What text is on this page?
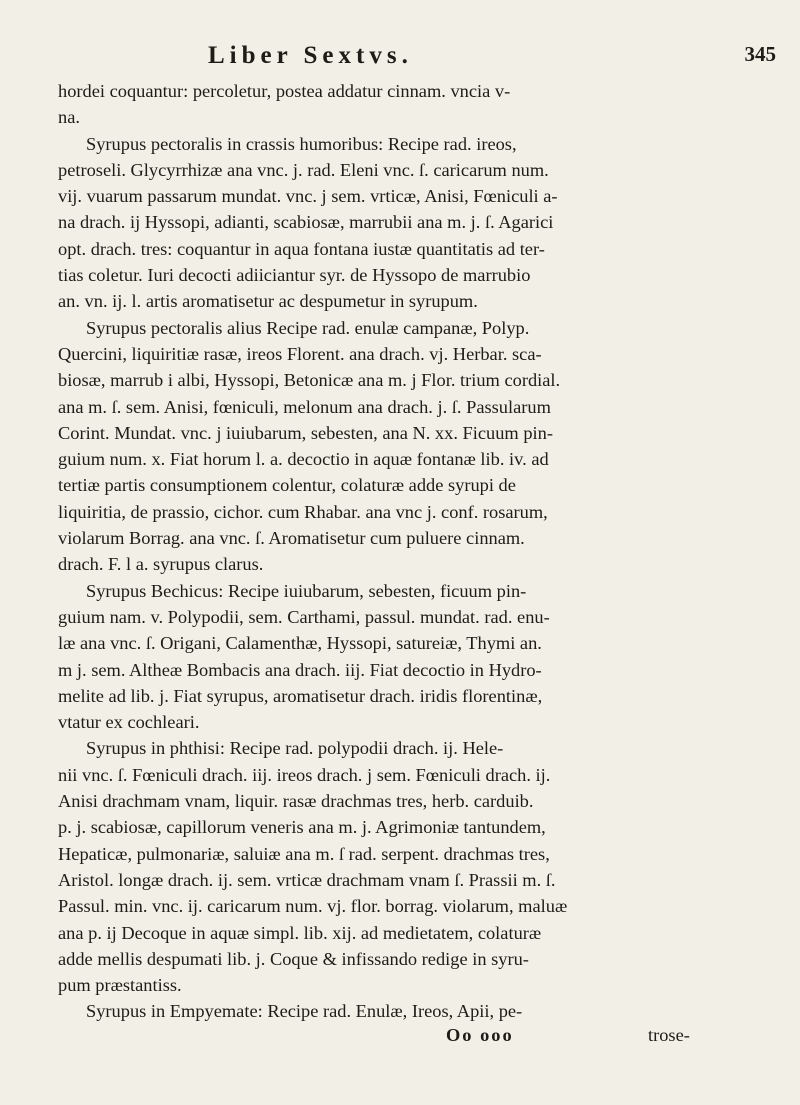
Liber Sextvs.	345
hordei coquantur: percoletur, postea addatur cinnam. vncia v-
na.
Syrupus pectoralis in crassis humoribus: Recipe rad. ireos,
petroseli. Glycyrrhizæ ana vnc. j. rad. Eleni vnc. ſ. caricarum num.
vij. vuarum passarum mundat. vnc. j sem. vrticæ, Anisi, Fœniculi a-
na drach. ij Hyssopi, adianti, scabiosæ, marrubii ana m. j. ſ. Agarici
opt. drach. tres: coquantur in aqua fontana iustæ quantitatis ad ter-
tias coletur. Iuri decocti adiiciantur syr. de Hyssopo de marrubio
an. vn. ij. l. artis aromatisetur ac despumetur in syrupum.
Syrupus pectoralis alius Recipe rad. enulæ campanæ, Polyp.
Quercini, liquiritiæ rasæ, ireos Florent. ana drach. vj. Herbar. sca-
biosæ, marrub i albi, Hyssopi, Betonicæ ana m. j Flor. trium cordial.
ana m. ſ. sem. Anisi, fœniculi, melonum ana drach. j. ſ. Passularum
Corint. Mundat. vnc. j iuiubarum, sebesten, ana N. xx. Ficuum pin-
guium num. x. Fiat horum l. a. decoctio in aquæ fontanæ lib. iv. ad
tertiæ partis consumptionem colentur, colaturæ adde syrupi de
liquiritia, de prassio, cichor. cum Rhabar. ana vnc j. conf. rosarum,
violarum Borrag. ana vnc. ſ. Aromatisetur cum puluere cinnam.
drach. F. l a. syrupus clarus.
Syrupus Bechicus: Recipe iuiubarum, sebesten, ficuum pin-
guium nam. v. Polypodii, sem. Carthami, passul. mundat. rad. enu-
læ ana vnc. ſ. Origani, Calamenthæ, Hyssopi, satureiæ, Thymi an.
m j. sem. Altheæ Bombacis ana drach. iij. Fiat decoctio in Hydro-
melite ad lib. j. Fiat syrupus, aromatisetur drach. iridis florentinæ,
vtatur ex cochleari.
Syrupus in phthisi: Recipe rad. polypodii drach. ij. Hele-
nii vnc. ſ. Fœniculi drach. iij. ireos drach. j sem. Fœniculi drach. ij.
Anisi drachmam vnam, liquir. rasæ drachmas tres, herb. carduib.
p. j. scabiosæ, capillorum veneris ana m. j. Agrimoniæ tantundem,
Hepaticæ, pulmonariæ, saluiæ ana m. ſ rad. serpent. drachmas tres,
Aristol. longæ drach. ij. sem. vrticæ drachmam vnam ſ. Prassii m. ſ.
Passul. min. vnc. ij. caricarum num. vj. flor. borrag. violarum, maluæ
ana p. ij Decoque in aquæ simpl. lib. xij. ad medietatem, colaturæ
adde mellis despumati lib. j. Coque & infissando redige in syru-
pum præstantiss.
Syrupus in Empyemate: Recipe rad. Enulæ, Ireos, Apii, pe-
Oo ooo	trose-
